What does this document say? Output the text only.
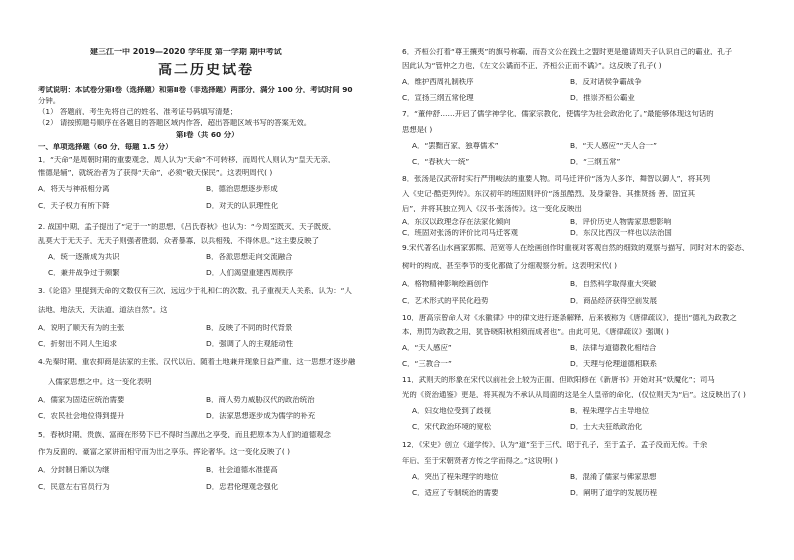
建三江一中 2019—2020 学年度 第一学期 期中考试
高二历史试卷
考试说明：本试卷分第Ⅰ卷（选择题）和第Ⅱ卷（非选择题）两部分，满分 100 分，考试时间 90
分钟。
（1） 答题前，考生先将自己的姓名、准考证号码填写清楚；
（2） 请按照题号顺序在各题目的答题区域内作答，超出答题区域书写的答案无效。
第Ⅰ卷（共 60 分）
一、单项选择题（60 分，每题 1.5 分）
1．“天命”是周朝时期的重要观念，周人认为“天命”不可转移，而周代人则认为“皇天无亲，
惟德是辅”，就统治者为了获得“天命”，必须“敬天保民”。这表明周代( )
A．将天与神祇相分离	B．德治思想逐步形成
C．天子权力有所下降	D．对天的认识理性化
2. 战国中期，孟子提出了“定于一”的思想，《吕氏春秋》也认为：“今周室既灭，天子既废，
乱莫大于无天子，无天子则强者胜弱，众者暴寡，以兵相残，不得休息。”这主要反映了
A．统一逐渐成为共识	B．各派思想走向交流融合
C．兼并战争过于频繁	D．人们渴望重建西周秩序
3.《论语》里提到天命的文数仅有三次，远远少于礼和仁的次数，孔子重视天人关系，认为：“人
法地，地法天，天法道，道法自然”。这
A．说明了顺天有为的主张	B．反映了不同的时代背景
C．折射出不同人生追求	D．强调了人的主观能动性
4.先秦时期，重农抑商是法家的主张，汉代以后，随着土地兼并现象日益严重，这一思想才逐步融
入儒家思想之中。这一变化表明
A．儒家为固适应统治需要	B．商人势力威胁汉代的政治统治
C．农民社会地位得到提升	D．法家思想逐步成为儒学的补充
5．春秋时期，贵族、富商在形势下已不得时当源出之享受，而且把原本为人们的道德观念
作为反面的，豪富之家讲而相守而为出之享乐，挥论奢华。这一变化反映了( )
A．分封制日渐以为继	B．社会道德水准提高
C．民意左右官员行为	D．忠君伦理观念强化
6．齐桓公打着“尊王攘夷”的旗号称霸，而吾文公在践土之盟时更是邀请周天子认识自己的霸业，孔子
因此认为“管仲之力也，《左文公谲而不正，齐桓公正而不谲》”。这反映了孔子( )
A．维护西周礼制秩序	B．反对诸侯争霸战争
C．宣扬三纲五常伦理	D．推崇齐桓公霸业
7．“董仲舒……开启了儒学神学化，儒家宗教化，使儒学为社会政治化了。”最能够体现这句话的
思想是( )
A．“罢黜百家，独尊儒术”	B．“天人感应”“天人合一”
C．“春秋大一统”	D．“三纲五常”
8．张汤是汉武帝时实行严刑峻法的重要人物。司马迁评价“汤为人多诈，舞智以御人”，将其列
入《史记·酷吏列传》。东汉初年的班固则评价“汤虽酷烈，及身蒙咎，其推贤扬 善，固宜其
后”，并将其独立列入《汉书·张汤传》。这一变化反映出
A．东汉以政理念存在法家化倾向	B．评价历史人物需家思想影响
C．班固对张汤的评价比司马迁客观	D．东汉比西汉一样也以法治国
9.宋代著名山水画家郭熙、范宽等人在绘画创作时重视对客观自然的细致的观察与描写，同时对木的姿态、
树叶的构成、甚至季节的变化都做了分细观察分析。这表明宋代( )
A．格物精神影响绘画创作	B．自然科学取得重大突破
C．艺术形式的平民化趋势	D．商品经济获得空前发展
10．唐高宗曾命人对《永徽律》中的律文进行逐条解释，后来被称为《唐律疏议》，提出“德礼为政教之
本，刑罚为政教之用，犹昏晓阳秋相须而成者也”。由此可见，《唐律疏议》强调( )
A．“天人感应”	B．法律与道德教化相结合
C．“三教合一”	D．天理与伦理道德相联系
11．武则天的形象在宋代以前社会上较为正面，但欧阳修在《新唐书》开始对其“妖魔化”；司马
光的《资治通鉴》更是，将其视为不承认从局面的这是全人皇帝的命化，(仅位则天为“后”。这反映出了( )
A．妇女地位受到了歧视	B．程朱理学占主导地位
C．宋代政治环境的宽松	D．士大夫狂纸政治化
12．《宋史》创立《道学传》，认为“道”至于三代，昭于孔子，至于孟子，孟子没而无传。千余
年后，至于宋朝贤者方传之学而得之。”这说明( )
A．突出了程朱理学的地位	B．混淆了儒家与佛家思想
C．适应了专制统治的需要	D．阐明了道学的发展历程
